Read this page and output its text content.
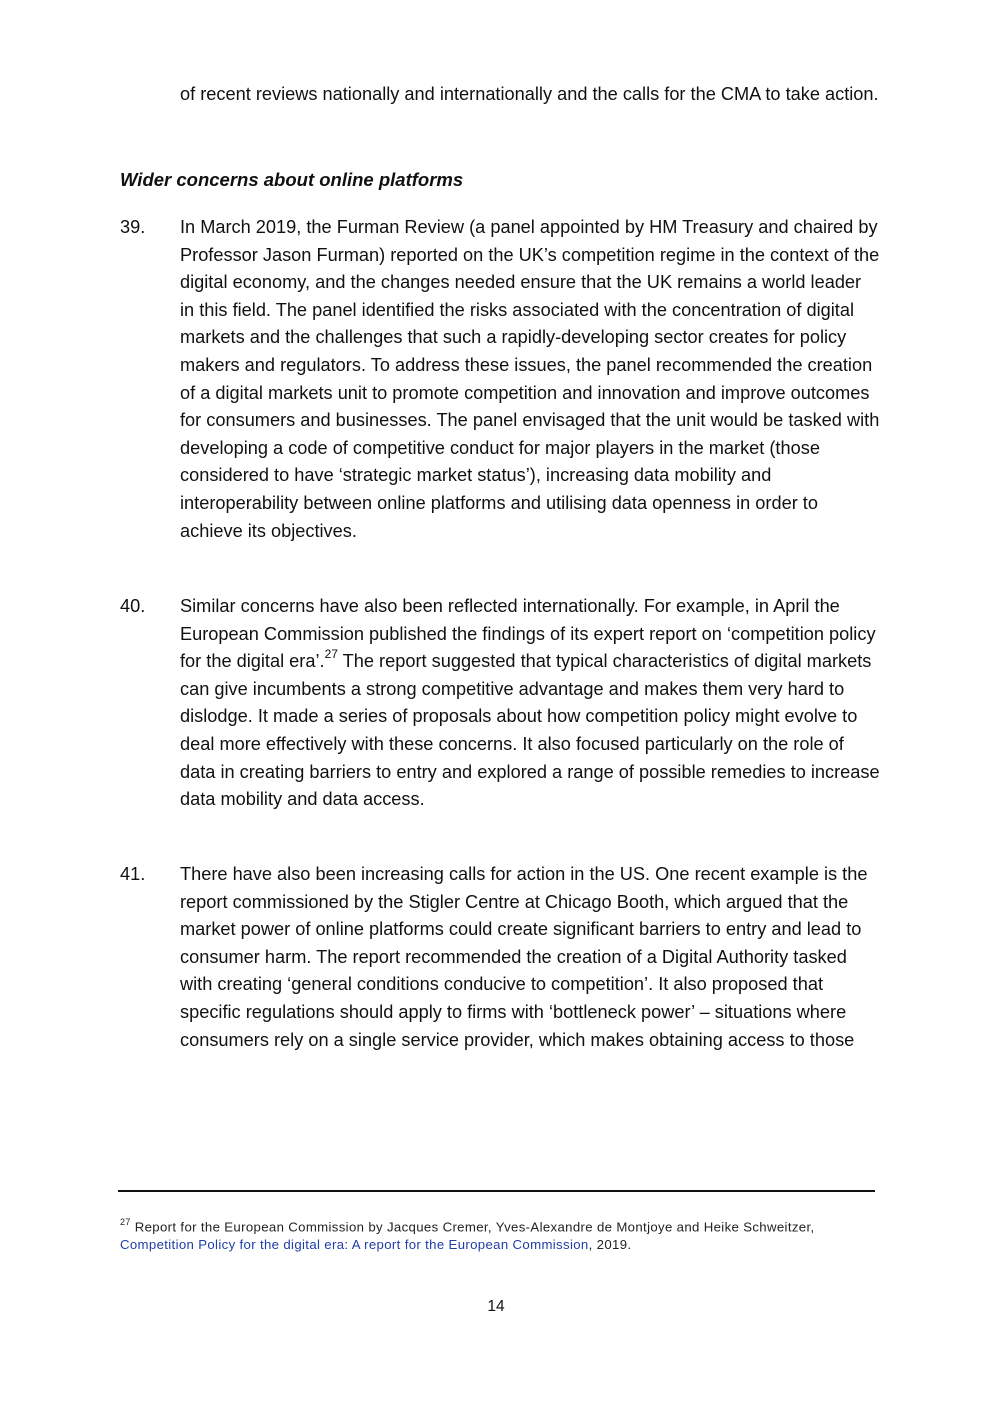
of recent reviews nationally and internationally and the calls for the CMA to take action.

Wider concerns about online platforms
39.	In March 2019, the Furman Review (a panel appointed by HM Treasury and chaired by Professor Jason Furman) reported on the UK’s competition regime in the context of the digital economy, and the changes needed ensure that the UK remains a world leader in this field. The panel identified the risks associated with the concentration of digital markets and the challenges that such a rapidly-developing sector creates for policy makers and regulators. To address these issues, the panel recommended the creation of a digital markets unit to promote competition and innovation and improve outcomes for consumers and businesses. The panel envisaged that the unit would be tasked with developing a code of competitive conduct for major players in the market (those considered to have ‘strategic market status’), increasing data mobility and interoperability between online platforms and utilising data openness in order to achieve its objectives.

40.	Similar concerns have also been reflected internationally. For example, in April the European Commission published the findings of its expert report on ‘competition policy for the digital era’.$^{27}$ The report suggested that typical characteristics of digital markets can give incumbents a strong competitive advantage and makes them very hard to dislodge. It made a series of proposals about how competition policy might evolve to deal more effectively with these concerns. It also focused particularly on the role of data in creating barriers to entry and explored a range of possible remedies to increase data mobility and data access.

41.	There have also been increasing calls for action in the US. One recent example is the report commissioned by the Stigler Centre at Chicago Booth, which argued that the market power of online platforms could create significant barriers to entry and lead to consumer harm. The report recommended the creation of a Digital Authority tasked with creating ‘general conditions conducive to competition’. It also proposed that specific regulations should apply to firms with ‘bottleneck power’ – situations where consumers rely on a single service provider, which makes obtaining access to those

$^{27}$ Report for the European Commission by Jacques Cremer, Yves-Alexandre de Montjoye and Heike Schweitzer,
Competition Policy for the digital era: A report for the European Commission, 2019.
14
